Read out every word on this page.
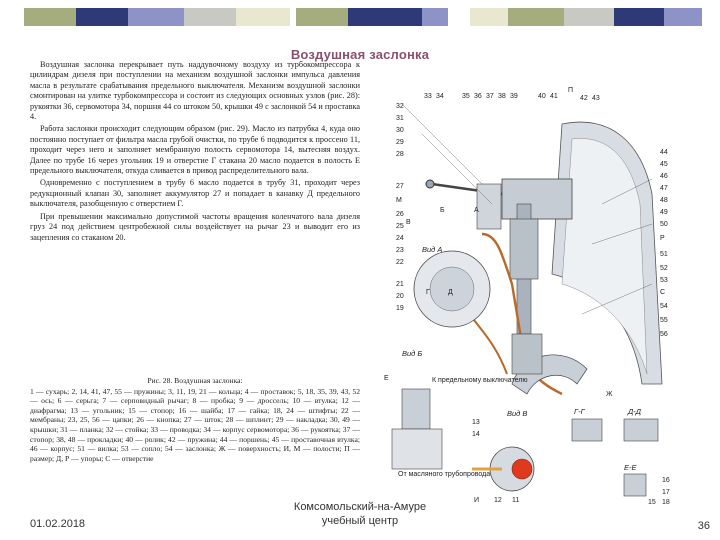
Воздушная заслонка

Воздушная заслонка перекрывает путь наддувочному воздуху из турбокомпрессора к цилиндрам дизеля при поступлении на механизм воздушной заслонки импульса давления масла в результате срабатывания предельного выключателя. Механизм воздушной заслонки смонтирован на улитке турбокомпрессора и состоит из следующих основных узлов (рис. 28): рукоятки 36, сервомотора 34, поршня 44 со штоком 50, крышки 49 с заслонкой 54 и проставка 4.

Работа заслонки происходит следующим образом (рис. 29). Масло из патрубка 4, куда оно постоянно поступает от фильтра масла грубой очистки, по трубе 6 подводится к проссено 11, проходит через него и заполняет мембранную полость сервомотора 14, вытесняя воздух. Далее по трубе 16 через угольник 19 и отверстие Г стакана 20 масло подается в полость Е предельного выключателя, откуда сливается в привод распределительного вала.

Одновременно с поступлением в трубу 6 масло подается в трубу 31, проходит через редукционный клапан 30, заполняет аккумулятор 27 и попадает в канавку Д предельного выключателя, разобщенную с отверстием Г.

При превышении максимально допустимой частоты вращения коленчатого вала дизеля груз 24 под действием центробежной силы воздействует на рычаг 23 и выводит его из зацепления со стаканом 20.

Рис. 28. Воздушная заслонка:
1 — сухарь; 2, 14, 41, 47, 55 — пружины; 3, 11, 19, 21 — кольца; 4 — проставок; 5, 18, 35, 39, 43, 52 — ось; 6 — серьга; 7 — серповидный рычаг; 8 — пробка; 9 — дроссель; 10 — втулка; 12 — диафрагма; 13 — угольник; 15 — стопор; 16 — шайба; 17 — гайка; 18, 24 — штифты; 22 — мембраны; 23, 25, 56 — цапки; 26 — кнопка; 27 — шток; 28 — шплинт; 29 — накладка; 30, 49 — крышки; 31 — планка; 32 — стойка; 33 — проводка; 34 — корпус сервомотора; 36 — рукоятка; 37 — стопор; 38, 48 — прокладки; 40 — ролик; 42 — пружина; 44 — поршень; 45 — проставочная втулка; 46 — корпус; 51 — вилка; 53 — сопло; 54 — заслонка; Ж — поверхность; И, М — полости; П — размер; Д, Р — упоры; С — отверстие
33 34	35 36 37 38 39	40 41
П
42 43
32
31
30
29
28
27
М
26
25
24
23
22
21
20
19
44
45
46
47
48
49
50
Р
51
52
53
С
54
55
56
Вид А
Вид Б
Вид В	Г-Г	Д-Д
Е-Е
Б	А
В
Г	Д
Ж
Е	К предельному выключателю
От масляного трубопровода
И 12 11
13
14
16
17
18
15
01.02.2018
Комсомольский-на-Амуре
учебный центр	36
